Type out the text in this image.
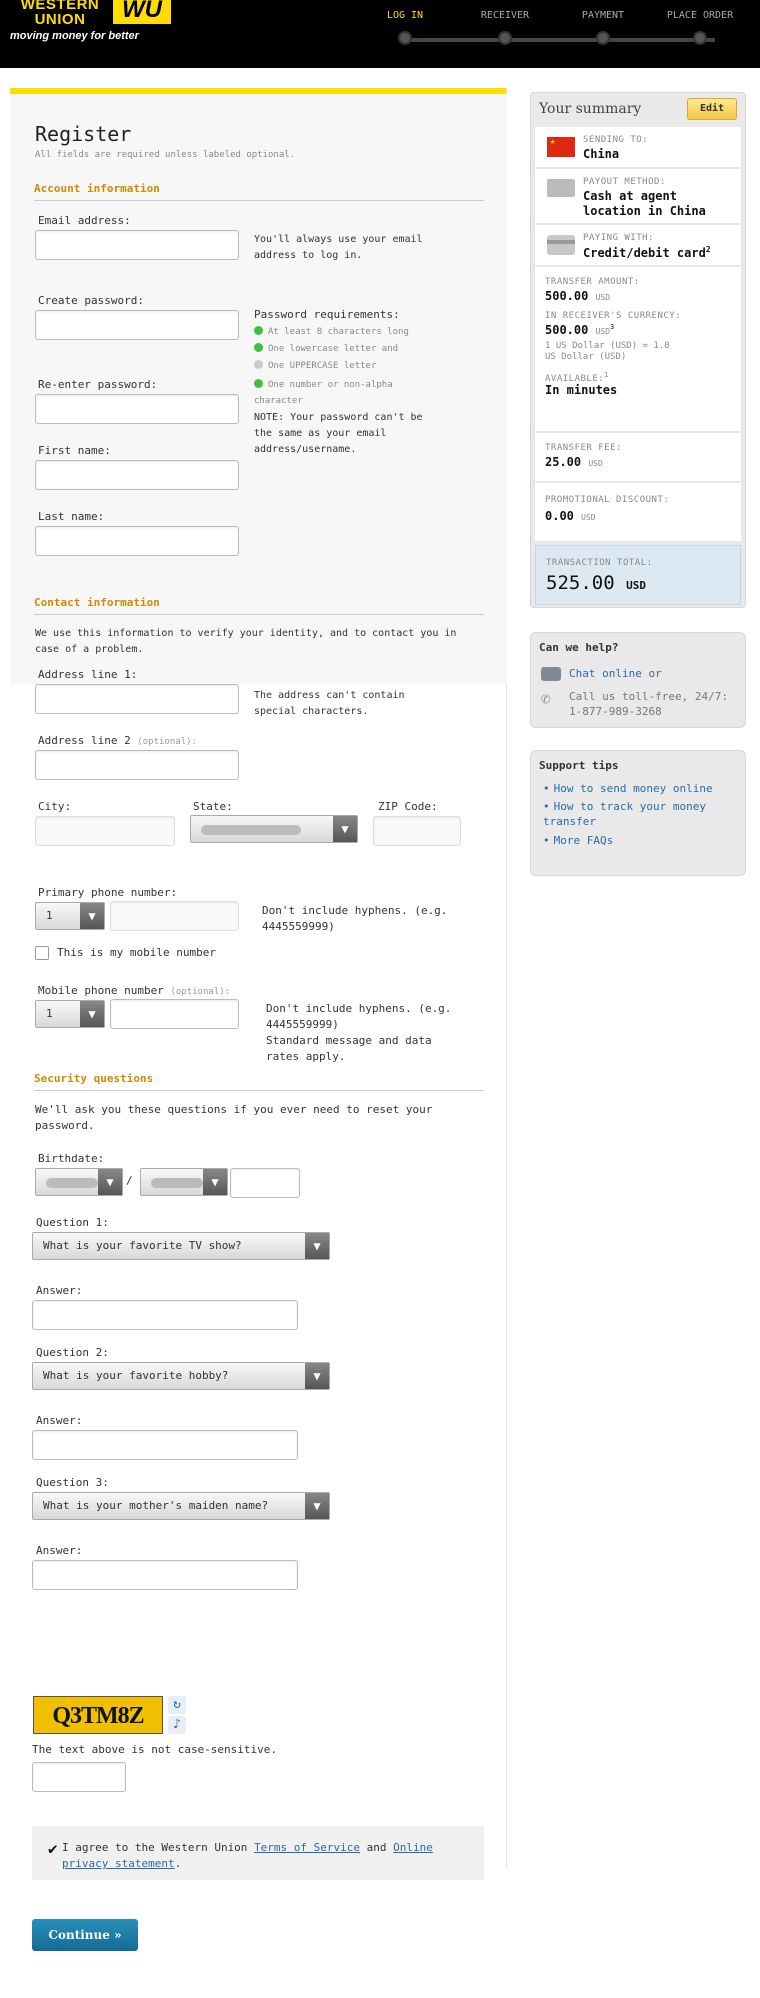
WESTERN
UNION	WU
moving money for better
LOG IN	RECEIVER	PAYMENT	PLACE ORDER
Register
All fields are required unless labeled optional.
Account information
Email address:
You'll always use your email address to log in.
Create password:
Password requirements:
At least 8 characters long
One lowercase letter and
One UPPERCASE letter
One number or non-alpha character
NOTE: Your password can't be the same as your email address/username.
Re-enter password:
First name:
Last name:
Contact information
We use this information to verify your identity, and to contact you in case of a problem.
Address line 1:
The address can't contain special characters.
Address line 2 (optional):
City:	State:
▼
ZIP Code:
Primary phone number:
1	▼	Don't include hyphens. (e.g. 4445559999)
This is my mobile number
Mobile phone number (optional):
1	▼	Don't include hyphens. (e.g. 4445559999)
Standard message and data rates apply.
Security questions
We'll ask you these questions if you ever need to reset your password.
Birthdate:
▼	/	▼
Question 1:
What is your favorite TV show?	▼
Answer:
Question 2:
What is your favorite hobby?	▼
Answer:
Question 3:
What is your mother's maiden name?	▼
Answer:
Q3TM8Z	↻
♪
The text above is not case-sensitive.
✔ I agree to the Western Union Terms of Service and Online privacy statement.
Continue »
Your summary	Edit
★
SENDING TO:
China
PAYOUT METHOD:
Cash at agent location in China
PAYING WITH:
Credit/debit card$^2$
TRANSFER AMOUNT:
500.00 USD
IN RECEIVER'S CURRENCY:
500.00 USD$^3$
1 US Dollar (USD) = 1.0
US Dollar (USD)
AVAILABLE:$^1$
In minutes
TRANSFER FEE:
25.00 USD
PROMOTIONAL DISCOUNT:
0.00 USD
TRANSACTION TOTAL:
525.00 USD
Can we help?
Chat online or
✆ Call us toll-free, 24/7:
1-877-989-3268
Support tips
• How to send money online
• How to track your money transfer
• More FAQs
